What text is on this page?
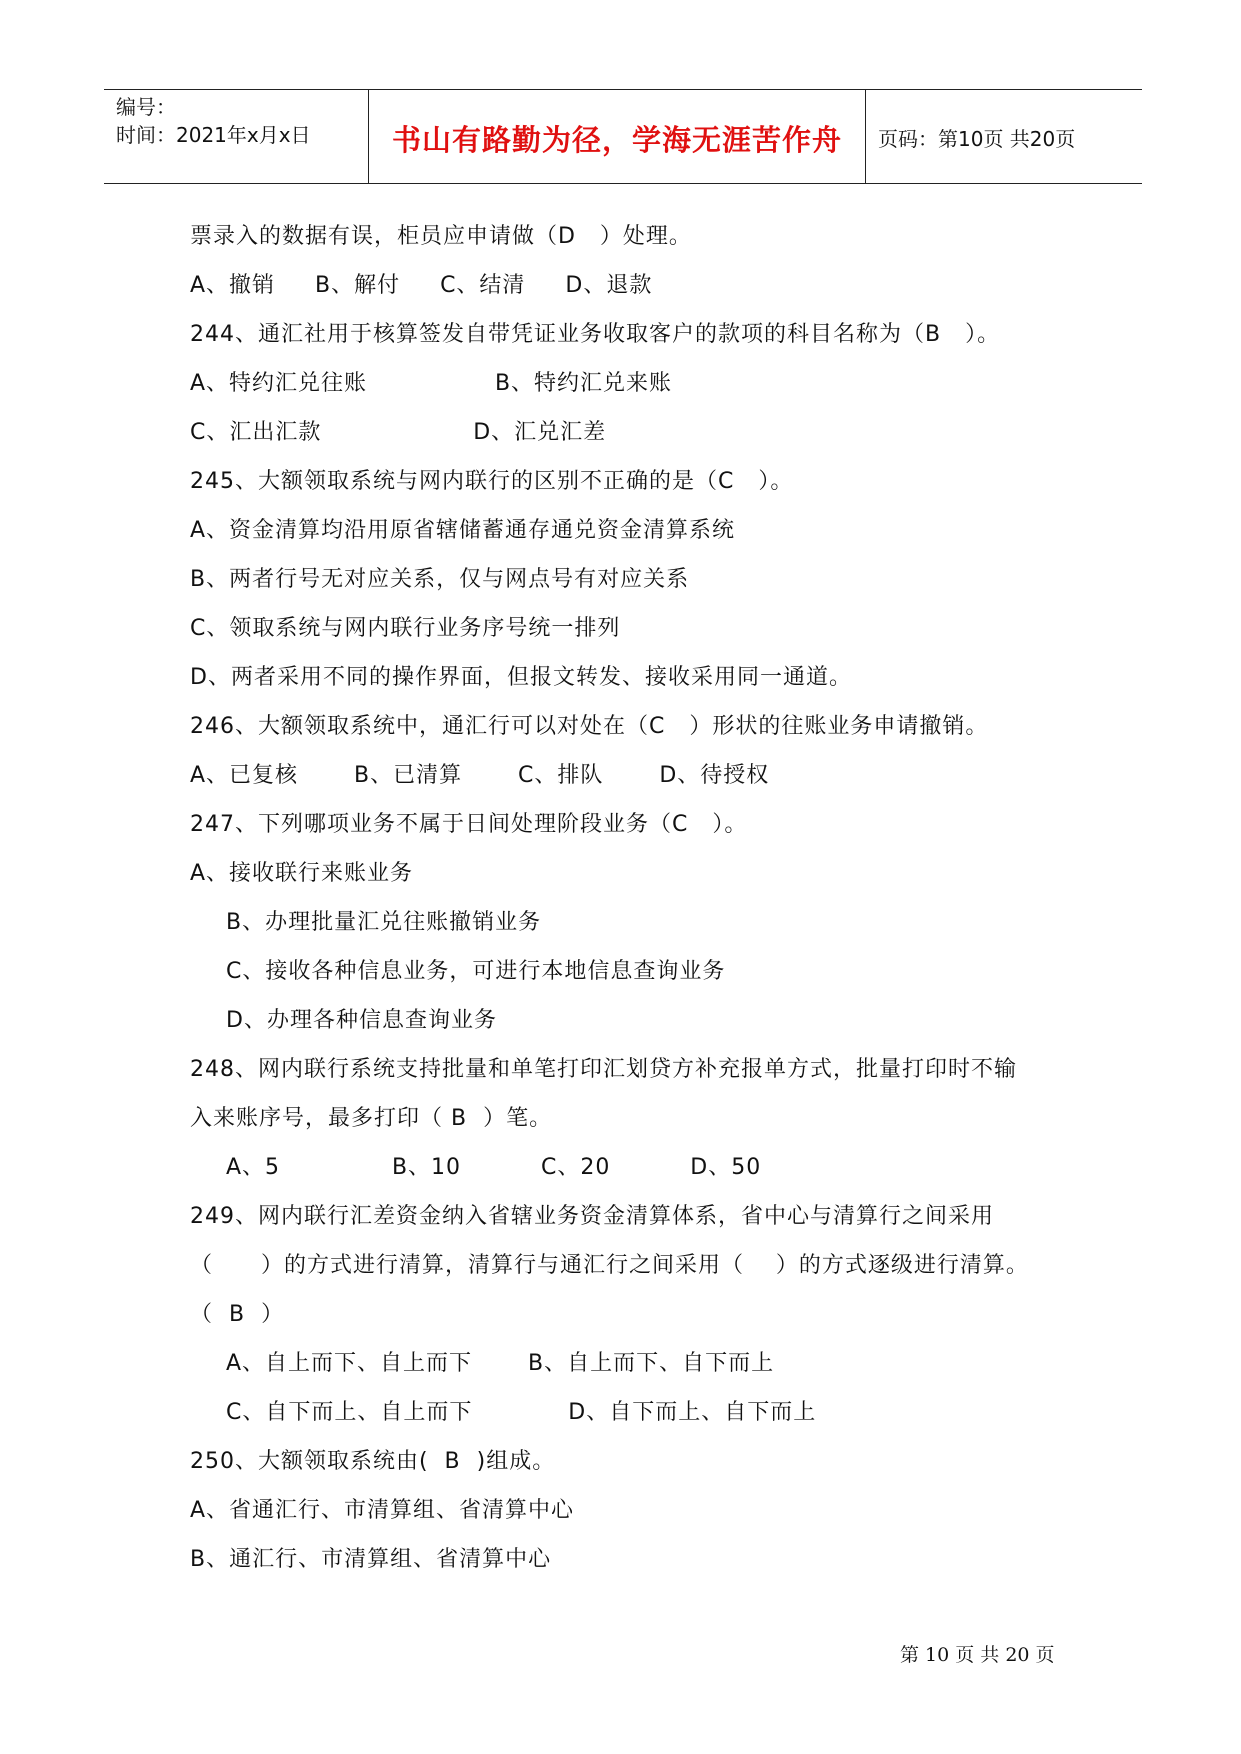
编号：
时间：2021年x月x日	书山有路勤为径，学海无涯苦作舟	页码：第10页 共20页
票录入的数据有误，柜员应申请做（D   ）处理。
A、撤销     B、解付     C、结清     D、退款
244、通汇社用于核算签发自带凭证业务收取客户的款项的科目名称为（B   ）。
A、特约汇兑往账                B、特约汇兑来账
C、汇出汇款                   D、汇兑汇差
245、大额领取系统与网内联行的区别不正确的是（C   ）。
A、资金清算均沿用原省辖储蓄通存通兑资金清算系统
B、两者行号无对应关系，仅与网点号有对应关系
C、领取系统与网内联行业务序号统一排列
D、两者采用不同的操作界面，但报文转发、接收采用同一通道。
246、大额领取系统中，通汇行可以对处在（C   ）形状的往账业务申请撤销。
A、已复核       B、已清算       C、排队       D、待授权
247、下列哪项业务不属于日间处理阶段业务（C   ）。
A、接收联行来账业务
B、办理批量汇兑往账撤销业务
C、接收各种信息业务，可进行本地信息查询业务
D、办理各种信息查询业务
248、网内联行系统支持批量和单笔打印汇划贷方补充报单方式，批量打印时不输
入来账序号，最多打印（ B  ）笔。
A、5              B、10          C、20          D、50
249、网内联行汇差资金纳入省辖业务资金清算体系，省中心与清算行之间采用
（      ）的方式进行清算，清算行与通汇行之间采用（    ）的方式逐级进行清算。
（  B  ）
A、自上而下、自上而下       B、自上而下、自下而上
C、自下而上、自上而下            D、自下而上、自下而上
250、大额领取系统由(  B  )组成。
A、省通汇行、市清算组、省清算中心
B、通汇行、市清算组、省清算中心
第 10 页 共 20 页
